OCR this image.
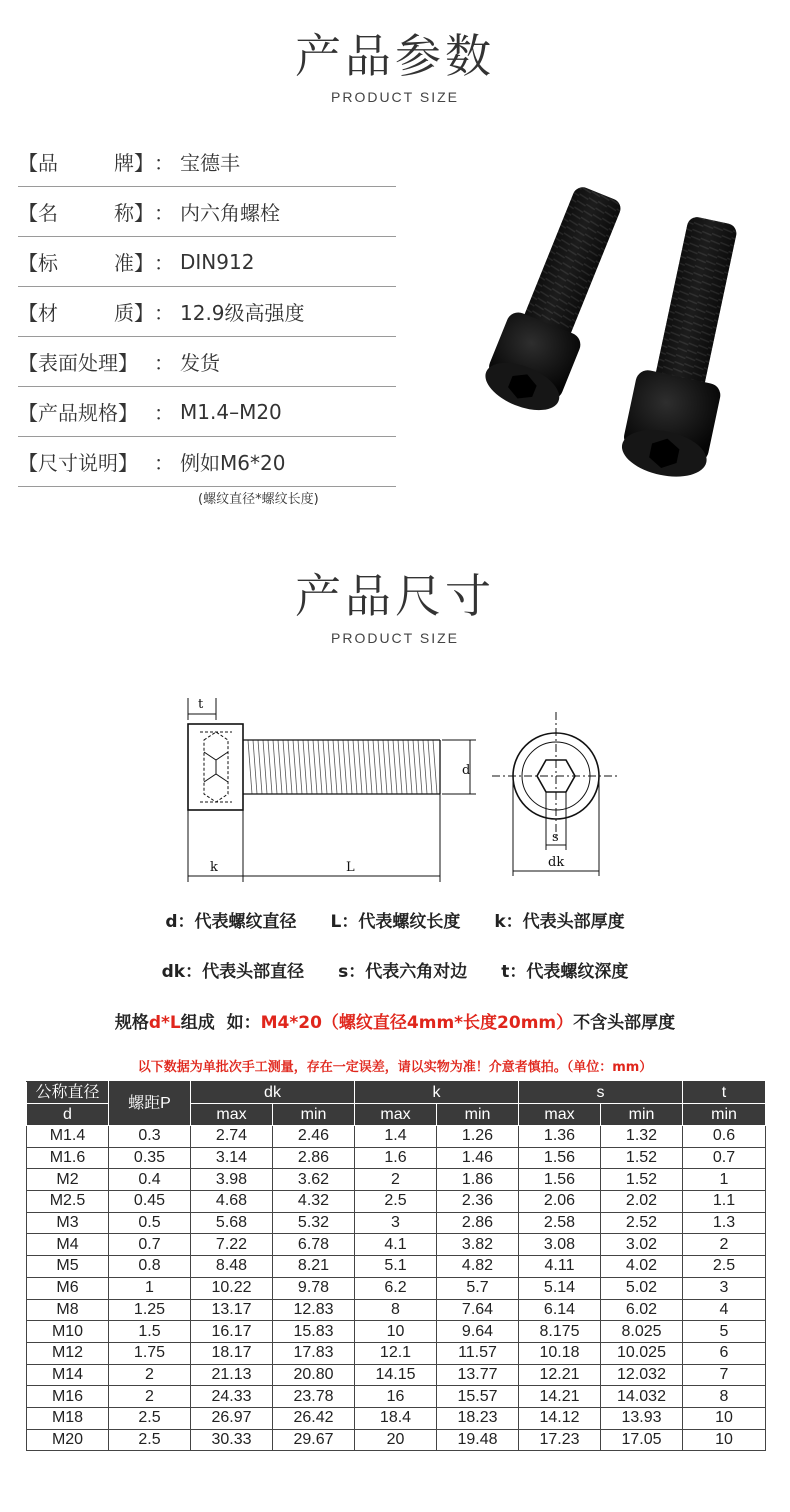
产品参数
PRODUCT SIZE
【品	牌】 ： 宝德丰
【名	称】 ： 内六角螺栓
【标	准】 ： DIN912
【材	质】 ： 12.9级高强度
【表面处理】 ： 发货
【产品规格】 ： M1.4–M20
【尺寸说明】 ： 例如M6*20
(螺纹直径*螺纹长度)
产品尺寸
PRODUCT SIZE
t
d
k	L
s
dk
d：代表螺纹直径 L：代表螺纹长度 k：代表头部厚度
dk：代表头部直径 s：代表六角对边 t：代表螺纹深度
规格d*L组成  如：M4*20（螺纹直径4mm*长度20mm）不含头部厚度
以下数据为单批次手工测量，存在一定误差，请以实物为准！介意者慎拍。（单位：mm）
公称直径	螺距P	dk		k		s		t
d		max	min	max	min	max	min	min
M1.4	0.3	2.74	2.46	1.4	1.26	1.36	1.32	0.6
M1.6	0.35	3.14	2.86	1.6	1.46	1.56	1.52	0.7
M2	0.4	3.98	3.62	2	1.86	1.56	1.52	1
M2.5	0.45	4.68	4.32	2.5	2.36	2.06	2.02	1.1
M3	0.5	5.68	5.32	3	2.86	2.58	2.52	1.3
M4	0.7	7.22	6.78	4.1	3.82	3.08	3.02	2
M5	0.8	8.48	8.21	5.1	4.82	4.11	4.02	2.5
M6	1	10.22	9.78	6.2	5.7	5.14	5.02	3
M8	1.25	13.17	12.83	8	7.64	6.14	6.02	4
M10	1.5	16.17	15.83	10	9.64	8.175	8.025	5
M12	1.75	18.17	17.83	12.1	11.57	10.18	10.025	6
M14	2	21.13	20.80	14.15	13.77	12.21	12.032	7
M16	2	24.33	23.78	16	15.57	14.21	14.032	8
M18	2.5	26.97	26.42	18.4	18.23	14.12	13.93	10
M20	2.5	30.33	29.67	20	19.48	17.23	17.05	10
